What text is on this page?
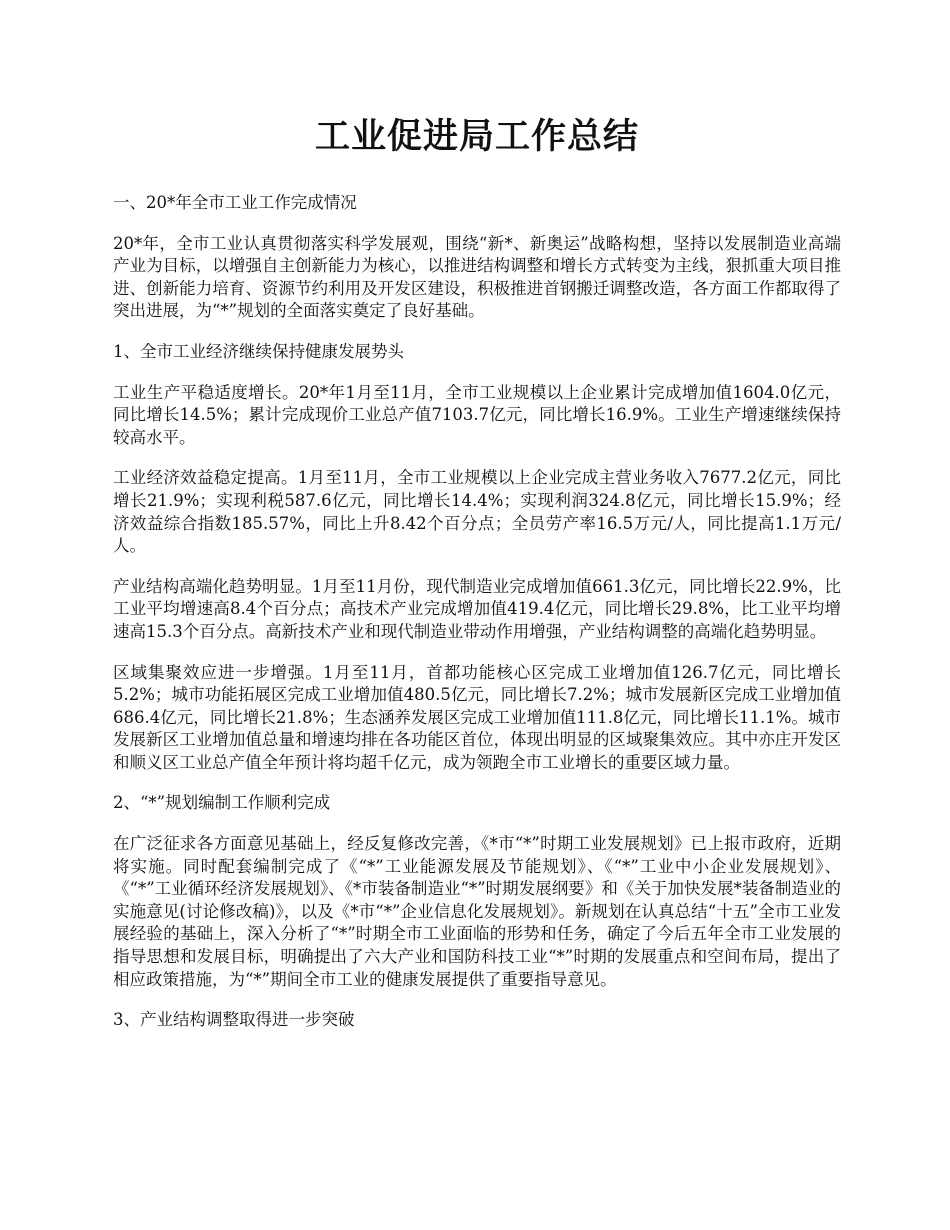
工业促进局工作总结

一、20*年全市工业工作完成情况

20*年，全市工业认真贯彻落实科学发展观，围绕“新*、新奥运”战略构想，坚持以发展制造业高端产业为目标，以增强自主创新能力为核心，以推进结构调整和增长方式转变为主线，狠抓重大项目推进、创新能力培育、资源节约利用及开发区建设，积极推进首钢搬迁调整改造，各方面工作都取得了突出进展，为“*”规划的全面落实奠定了良好基础。

1、全市工业经济继续保持健康发展势头

工业生产平稳适度增长。20*年1月至11月，全市工业规模以上企业累计完成增加值1604.0亿元，同比增长14.5%；累计完成现价工业总产值7103.7亿元，同比增长16.9%。工业生产增速继续保持较高水平。

工业经济效益稳定提高。1月至11月，全市工业规模以上企业完成主营业务收入7677.2亿元，同比增长21.9%；实现利税587.6亿元，同比增长14.4%；实现利润324.8亿元，同比增长15.9%；经济效益综合指数185.57%，同比上升8.42个百分点；全员劳产率16.5万元/人，同比提高1.1万元/人。

产业结构高端化趋势明显。1月至11月份，现代制造业完成增加值661.3亿元，同比增长22.9%，比工业平均增速高8.4个百分点；高技术产业完成增加值419.4亿元，同比增长29.8%，比工业平均增速高15.3个百分点。高新技术产业和现代制造业带动作用增强，产业结构调整的高端化趋势明显。

区域集聚效应进一步增强。1月至11月，首都功能核心区完成工业增加值126.7亿元，同比增长5.2%；城市功能拓展区完成工业增加值480.5亿元，同比增长7.2%；城市发展新区完成工业增加值686.4亿元，同比增长21.8%；生态涵养发展区完成工业增加值111.8亿元，同比增长11.1%。城市发展新区工业增加值总量和增速均排在各功能区首位，体现出明显的区域聚集效应。其中亦庄开发区和顺义区工业总产值全年预计将均超千亿元，成为领跑全市工业增长的重要区域力量。

2、“*”规划编制工作顺利完成

在广泛征求各方面意见基础上，经反复修改完善，《*市“*”时期工业发展规划》已上报市政府，近期将实施。同时配套编制完成了《“*”工业能源发展及节能规划》、《“*”工业中小企业发展规划》、《“*”工业循环经济发展规划》、《*市装备制造业“*”时期发展纲要》和《关于加快发展*装备制造业的实施意见(讨论修改稿)》，以及《*市“*”企业信息化发展规划》。新规划在认真总结“十五”全市工业发展经验的基础上，深入分析了“*”时期全市工业面临的形势和任务，确定了今后五年全市工业发展的指导思想和发展目标，明确提出了六大产业和国防科技工业“*”时期的发展重点和空间布局，提出了相应政策措施，为“*”期间全市工业的健康发展提供了重要指导意见。

3、产业结构调整取得进一步突破
